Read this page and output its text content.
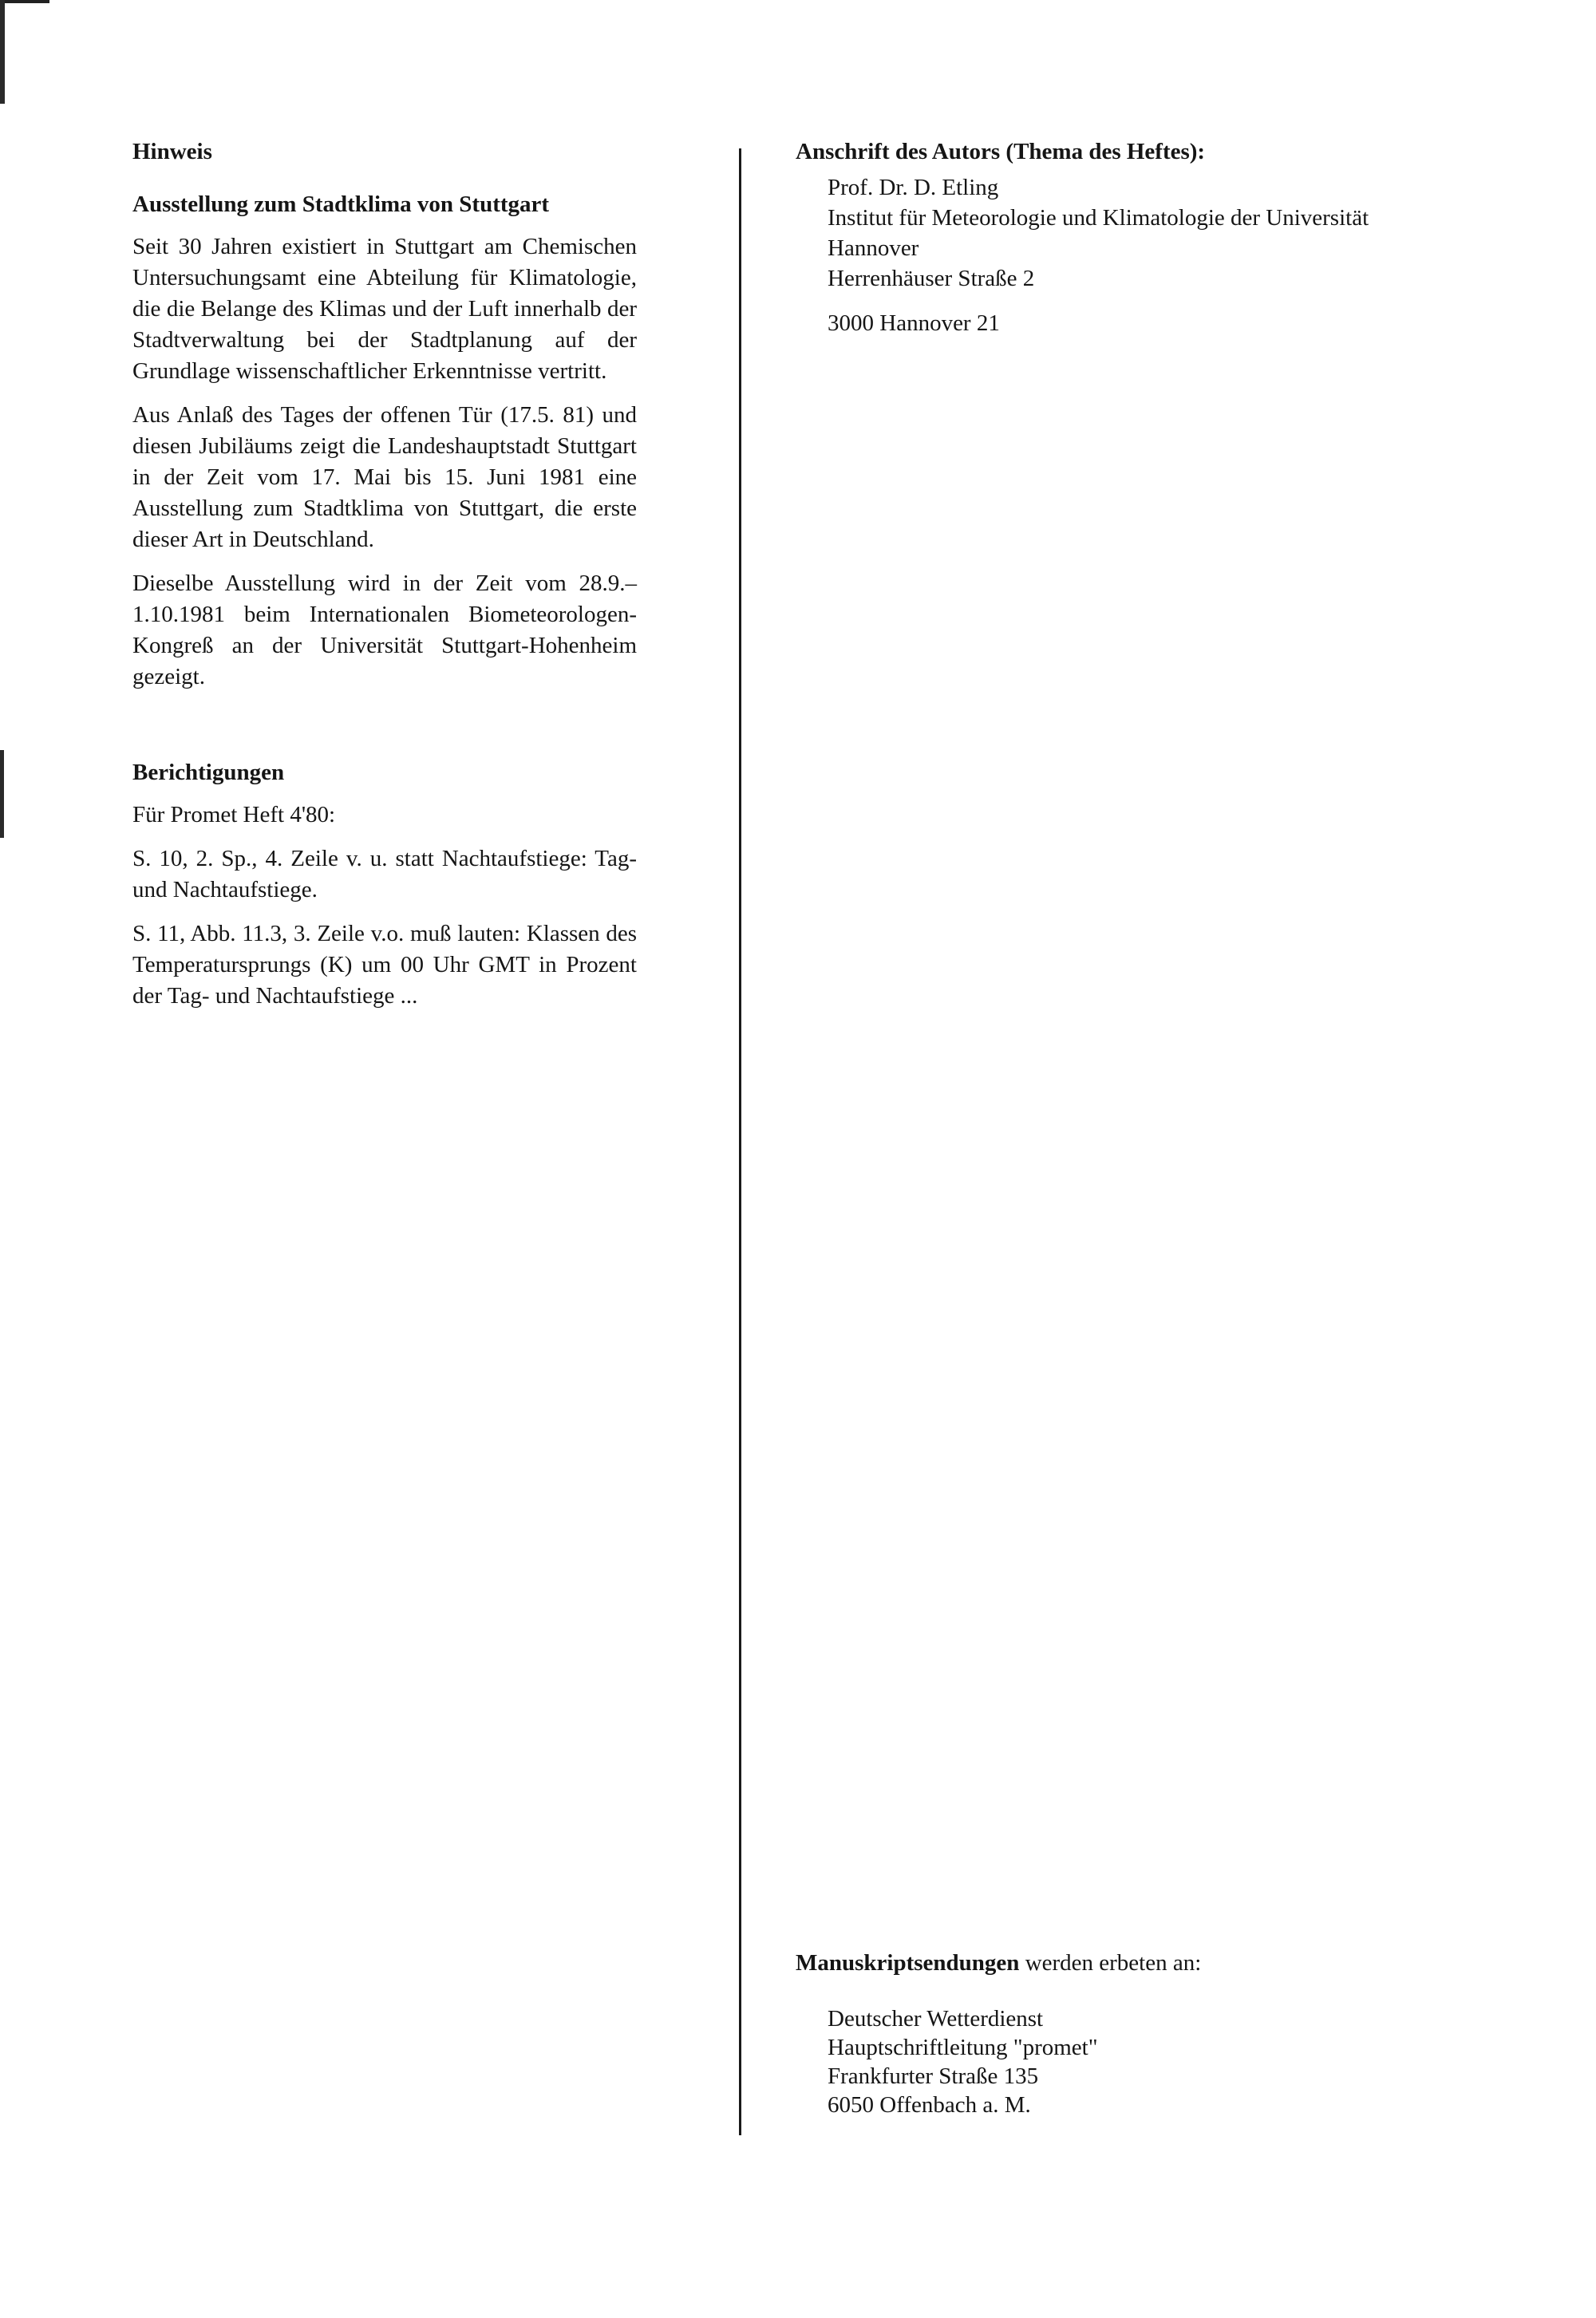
Hinweis
Ausstellung zum Stadtklima von Stuttgart

Seit 30 Jahren existiert in Stuttgart am Chemischen Untersuchungsamt eine Abteilung für Klimatologie, die die Belange des Klimas und der Luft innerhalb der Stadtverwaltung bei der Stadtplanung auf der Grundlage wissenschaftlicher Erkenntnisse vertritt.

Aus Anlaß des Tages der offenen Tür (17.5. 81) und diesen Jubiläums zeigt die Landeshauptstadt Stuttgart in der Zeit vom 17. Mai bis 15. Juni 1981 eine Ausstellung zum Stadtklima von Stuttgart, die erste dieser Art in Deutschland.

Dieselbe Ausstellung wird in der Zeit vom 28.9.–1.10.1981 beim Internationalen Biometeorologen-Kongreß an der Universität Stuttgart-Hohenheim gezeigt.

Berichtigungen

Für Promet Heft 4'80:

S. 10, 2. Sp., 4. Zeile v. u. statt Nachtaufstiege: Tag- und Nachtaufstiege.

S. 11, Abb. 11.3, 3. Zeile v.o. muß lauten: Klassen des Temperatursprungs (K) um 00 Uhr GMT in Prozent der Tag- und Nachtaufstiege ...

Anschrift des Autors (Thema des Heftes):
Prof. Dr. D. Etling
Institut für Meteorologie und Klimatologie der Universität Hannover
Herrenhäuser Straße 2
3000 Hannover 21

Manuskriptsendungen werden erbeten an:

Deutscher Wetterdienst
Hauptschriftleitung "promet"
Frankfurter Straße 135
6050 Offenbach a. M.
